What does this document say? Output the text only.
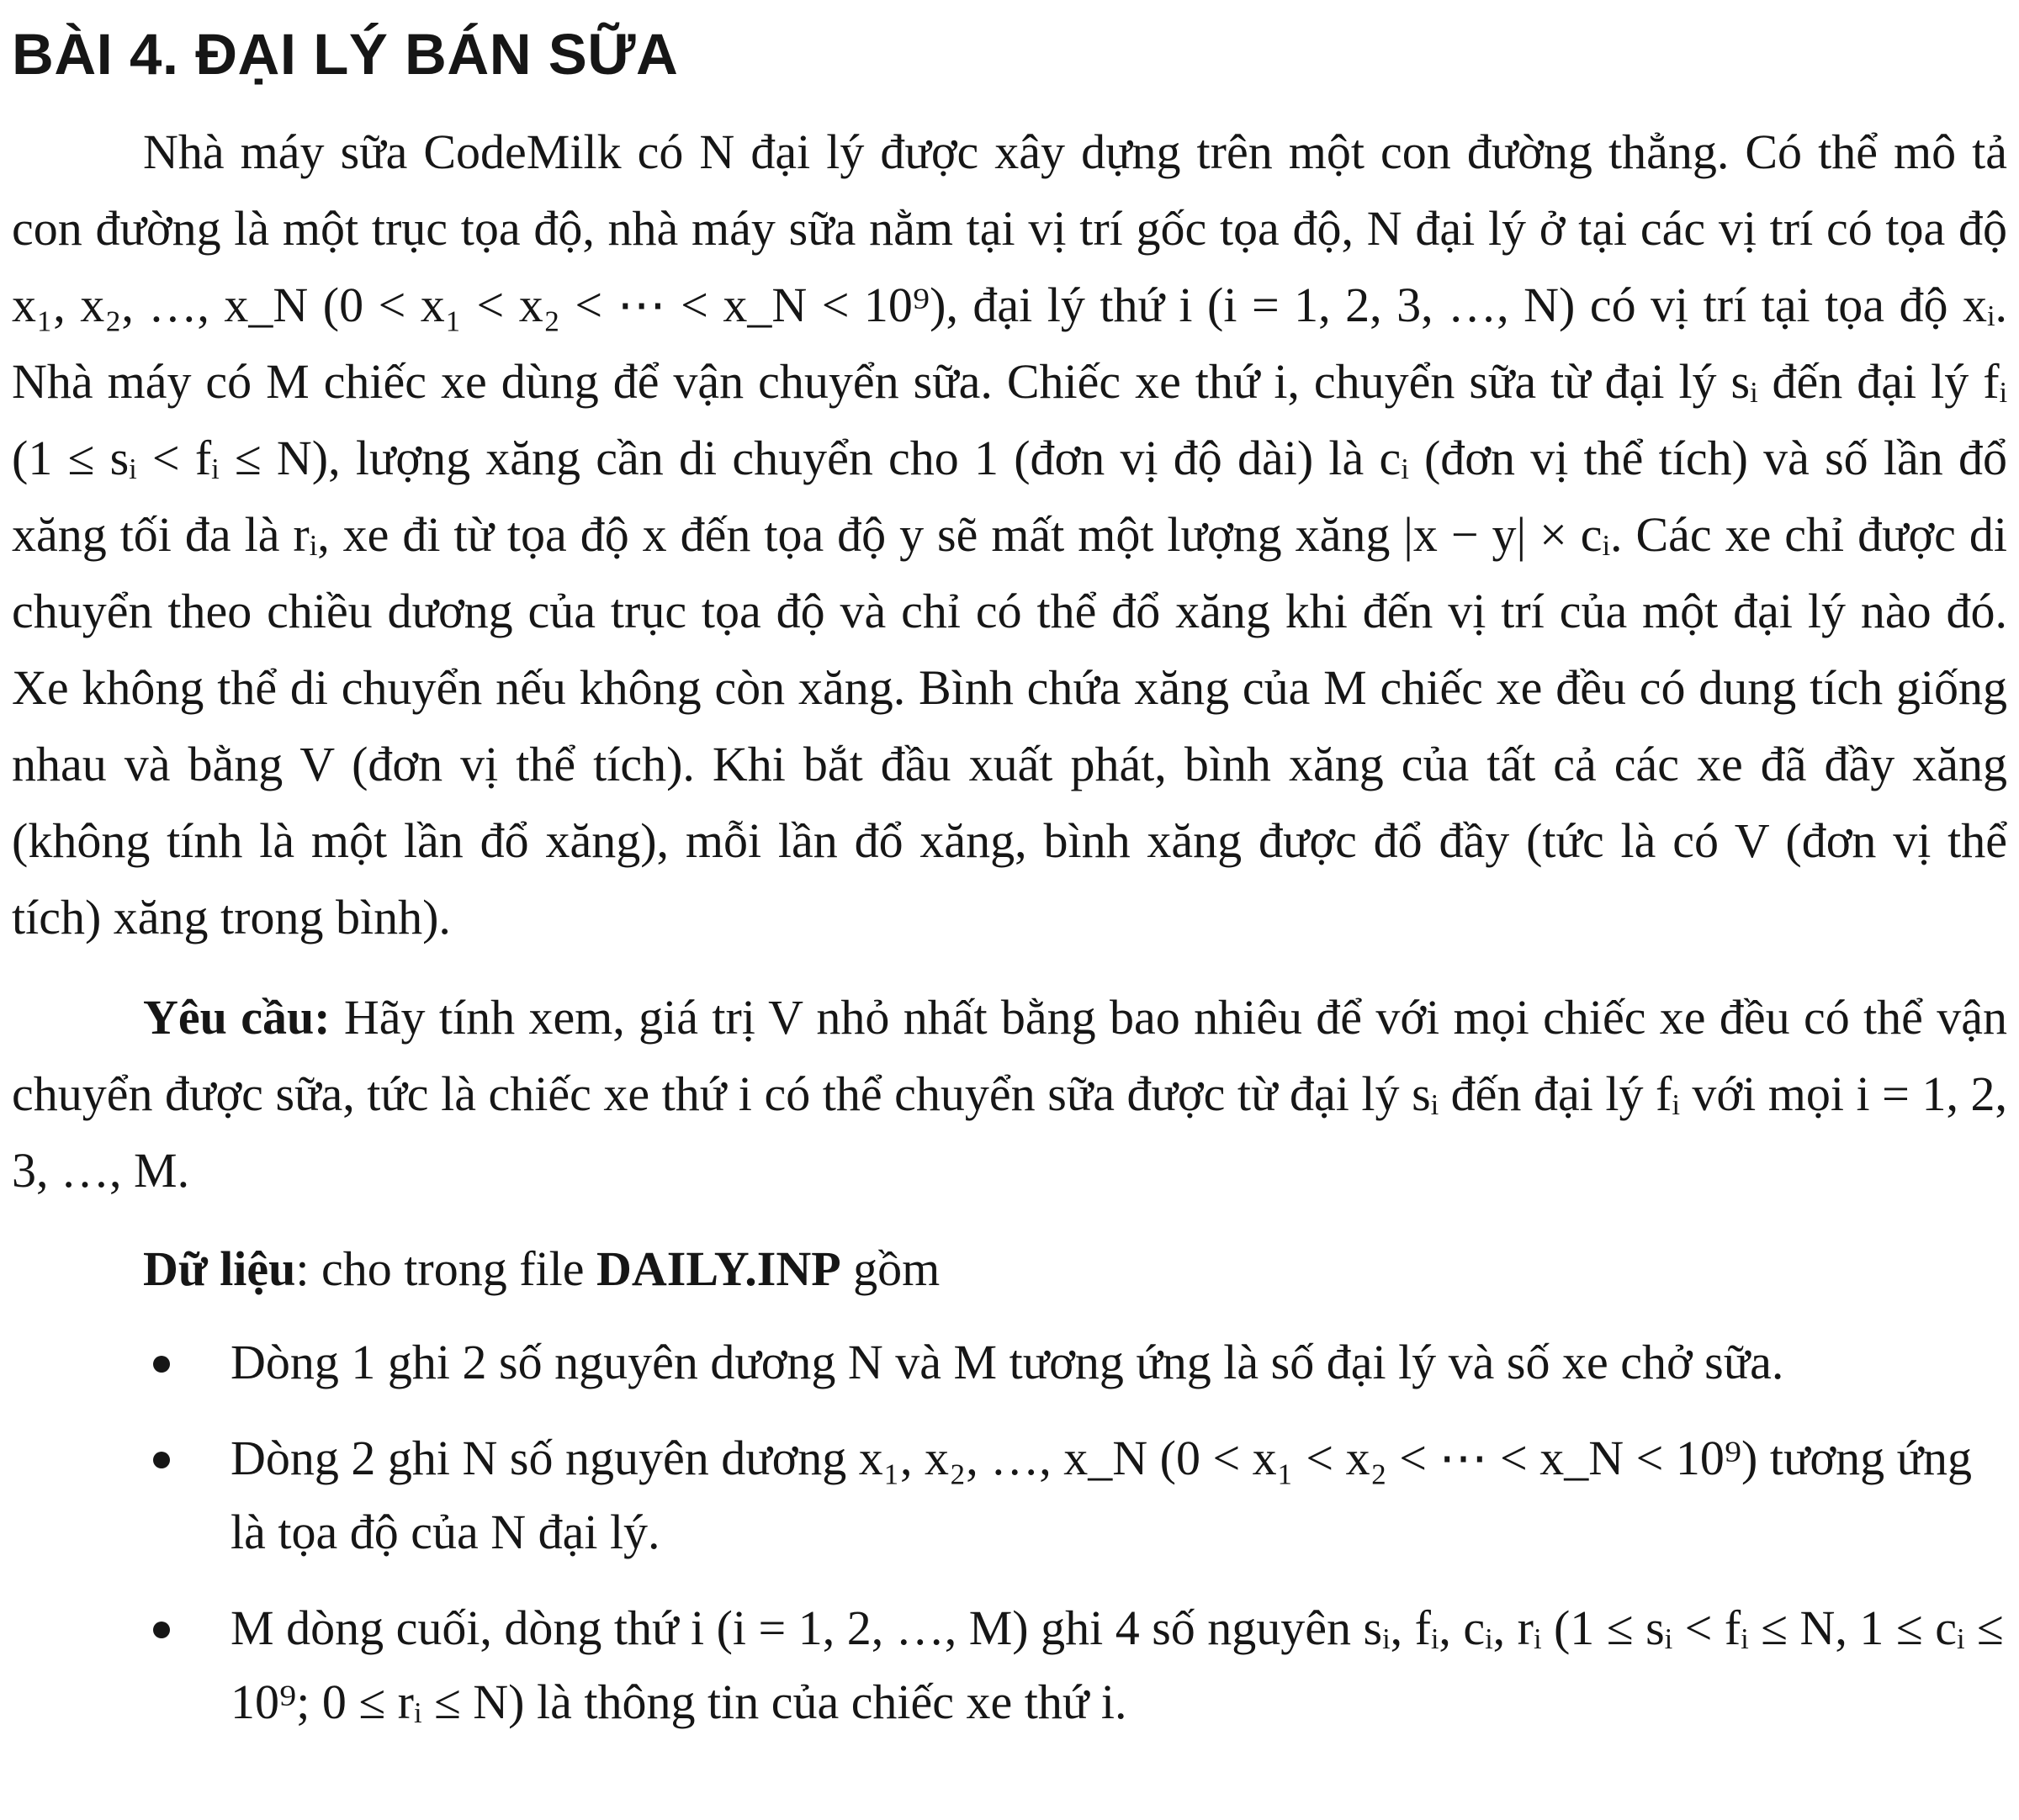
BÀI 4. ĐẠI LÝ BÁN SỮA

Nhà máy sữa CodeMilk có N đại lý được xây dựng trên một con đường thẳng. Có thể mô tả con đường là một trục tọa độ, nhà máy sữa nằm tại vị trí gốc tọa độ, N đại lý ở tại các vị trí có tọa độ x₁, x₂, …, x_N (0 < x₁ < x₂ < ⋯ < x_N < 10⁹), đại lý thứ i (i = 1, 2, 3, …, N) có vị trí tại tọa độ xᵢ. Nhà máy có M chiếc xe dùng để vận chuyển sữa. Chiếc xe thứ i, chuyển sữa từ đại lý sᵢ đến đại lý fᵢ (1 ≤ sᵢ < fᵢ ≤ N), lượng xăng cần di chuyển cho 1 (đơn vị độ dài) là cᵢ (đơn vị thể tích) và số lần đổ xăng tối đa là rᵢ, xe đi từ tọa độ x đến tọa độ y sẽ mất một lượng xăng |x − y| × cᵢ. Các xe chỉ được di chuyển theo chiều dương của trục tọa độ và chỉ có thể đổ xăng khi đến vị trí của một đại lý nào đó. Xe không thể di chuyển nếu không còn xăng. Bình chứa xăng của M chiếc xe đều có dung tích giống nhau và bằng V (đơn vị thể tích). Khi bắt đầu xuất phát, bình xăng của tất cả các xe đã đầy xăng (không tính là một lần đổ xăng), mỗi lần đổ xăng, bình xăng được đổ đầy (tức là có V (đơn vị thể tích) xăng trong bình).

Yêu cầu: Hãy tính xem, giá trị V nhỏ nhất bằng bao nhiêu để với mọi chiếc xe đều có thể vận chuyển được sữa, tức là chiếc xe thứ i có thể chuyển sữa được từ đại lý sᵢ đến đại lý fᵢ với mọi i = 1, 2, 3, …, M.

Dữ liệu: cho trong file DAILY.INP gồm

Dòng 1 ghi 2 số nguyên dương N và M tương ứng là số đại lý và số xe chở sữa.
Dòng 2 ghi N số nguyên dương x₁, x₂, …, x_N (0 < x₁ < x₂ < ⋯ < x_N < 10⁹) tương ứng là tọa độ của N đại lý.
M dòng cuối, dòng thứ i (i = 1, 2, …, M) ghi 4 số nguyên sᵢ, fᵢ, cᵢ, rᵢ (1 ≤ sᵢ < fᵢ ≤ N, 1 ≤ cᵢ ≤ 10⁹; 0 ≤ rᵢ ≤ N) là thông tin của chiếc xe thứ i.
